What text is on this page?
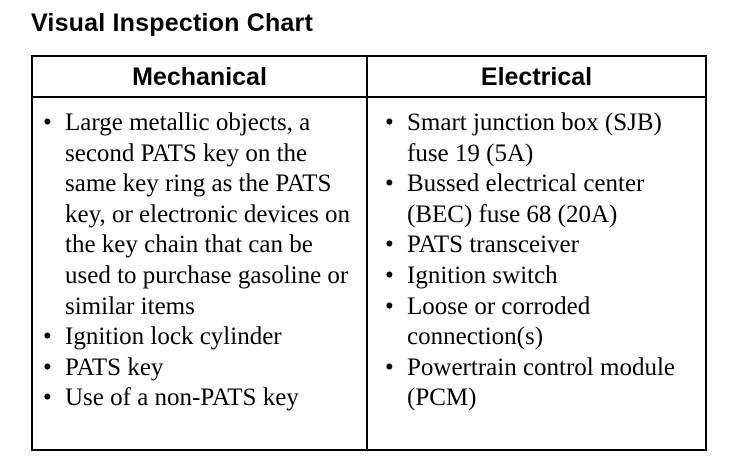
Visual Inspection Chart
Mechanical
• Large metallic objects, a second PATS key on the same key ring as the PATS key, or electronic devices on the key chain that can be used to purchase gasoline or similar items
• Ignition lock cylinder
• PATS key
• Use of a non-PATS key
Electrical
• Smart junction box (SJB) fuse 19 (5A)
• Bussed electrical center (BEC) fuse 68 (20A)
• PATS transceiver
• Ignition switch
• Loose or corroded connection(s)
• Powertrain control module (PCM)
